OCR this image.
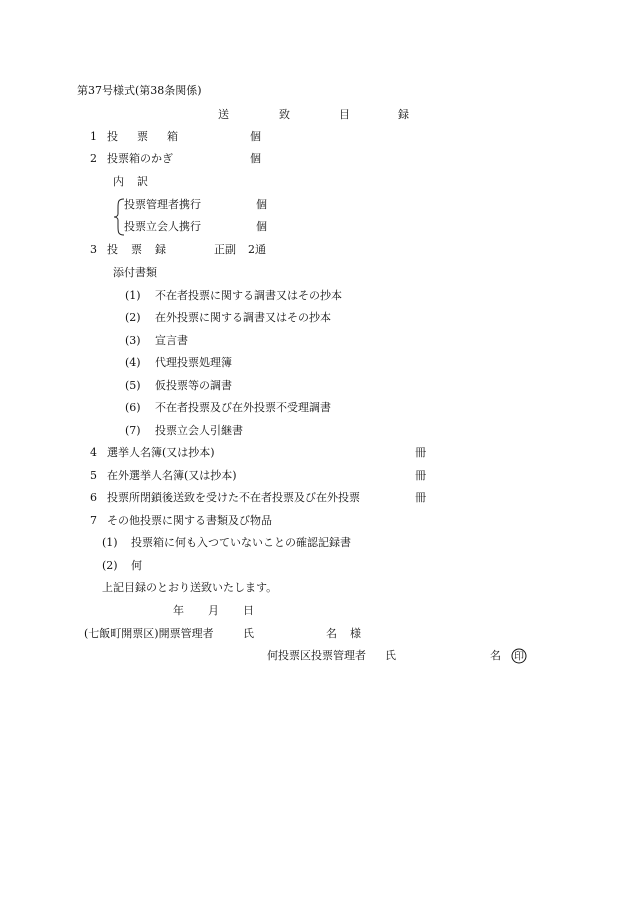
第37号様式(第38条関係)
送	致	目	録
1 投 票 箱	個
2 投票箱のかぎ	個
内 訳
投票管理者携行	個
投票立会人携行	個
3 投 票 録	正副 2通
添付書類
(1) 不在者投票に関する調書又はその抄本
(2) 在外投票に関する調書又はその抄本
(3) 宣言書
(4) 代理投票処理簿
(5) 仮投票等の調書
(6) 不在者投票及び在外投票不受理調書
(7) 投票立会人引継書
4 選挙人名簿(又は抄本)	冊
5 在外選挙人名簿(又は抄本)	冊
6 投票所閉鎖後送致を受けた不在者投票及び在外投票	冊
7 その他投票に関する書類及び物品
(1) 投票箱に何も入つていないことの確認記録書
(2) 何
上記目録のとおり送致いたします。
年 月 日
(七飯町開票区)開票管理者	氏	名 様
何投票区投票管理者 氏	名 印
